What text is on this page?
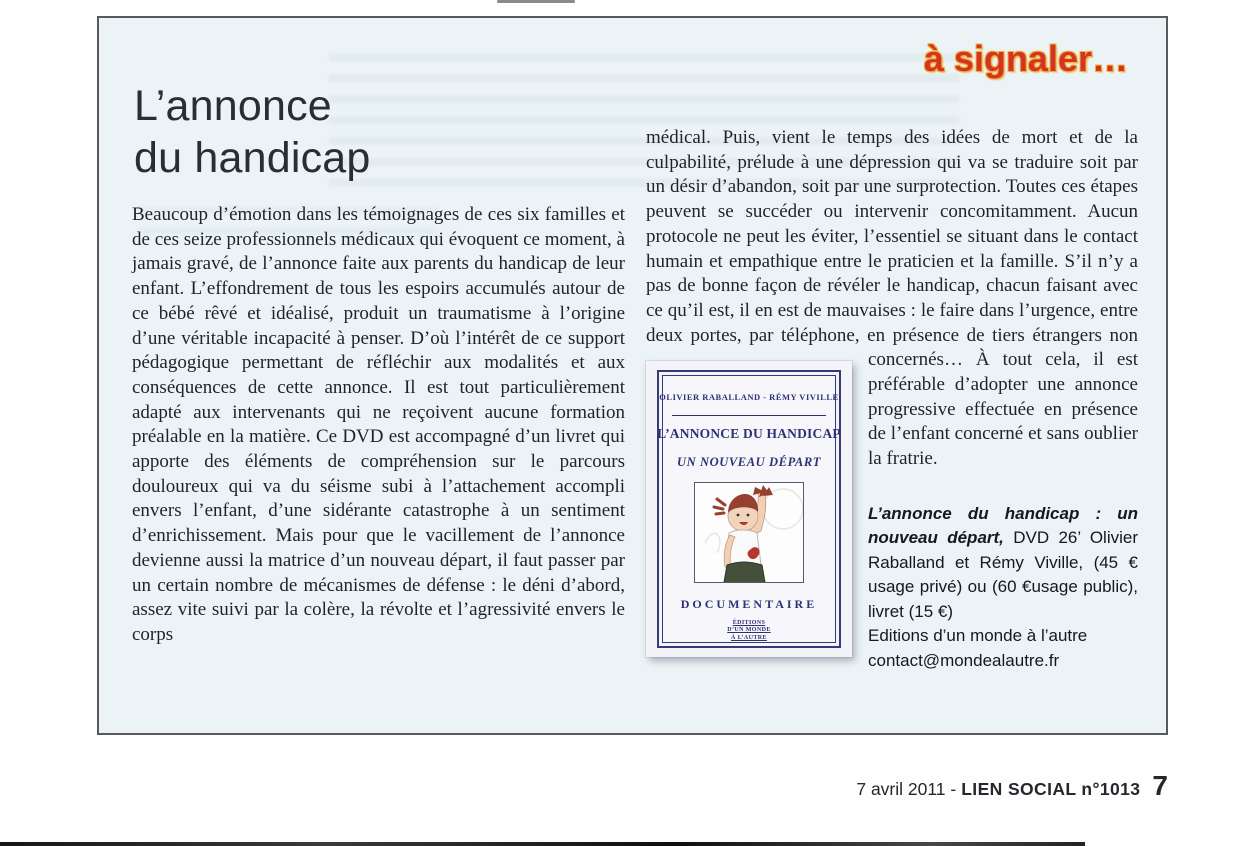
à signaler…
L’annonce
du handicap
Beaucoup d’émotion dans les témoignages de ces six familles et de ces seize professionnels médicaux qui évoquent ce moment, à jamais gravé, de l’annonce faite aux parents du handicap de leur enfant. L’effondrement de tous les espoirs accumulés autour de ce bébé rêvé et idéalisé, produit un traumatisme à l’origine d’une véritable incapacité à penser. D’où l’intérêt de ce support pédagogique permettant de réfléchir aux modalités et aux conséquences de cette annonce. Il est tout particulièrement adapté aux intervenants qui ne reçoivent aucune formation préalable en la matière. Ce DVD est accompagné d’un livret qui apporte des éléments de compréhension sur le parcours douloureux qui va du séisme subi à l’attachement accompli envers l’enfant, d’une sidérante catastrophe à un sentiment d’enrichissement. Mais pour que le vacillement de l’annonce devienne aussi la matrice d’un nouveau départ, il faut passer par un certain nombre de mécanismes de défense : le déni d’abord, assez vite suivi par la colère, la révolte et l’agressivité envers le corps
médical. Puis, vient le temps des idées de mort et de la culpabilité, prélude à une dépression qui va se traduire soit par un désir d’abandon, soit par une surprotection. Toutes ces étapes peuvent se succéder ou intervenir concomitamment. Aucun protocole ne peut les éviter, l’essentiel se situant dans le contact humain et empathique entre le praticien et la famille. S’il n’y a pas de bonne façon de révéler le handicap, chacun faisant avec ce qu’il est, il en est de mauvaises : le faire dans l’urgence, entre deux portes, par téléphone, en présence de tiers étrangers non concernés… À tout
OLIVIER RABALLAND - RÉMY VIVILLE
L’ANNONCE DU HANDICAP
UN NOUVEAU DÉPART
DOCUMENTAIRE
ÉDITIONS
D’UN MONDE
À L’AUTRE
cela, il est préférable d’adopter une annonce progressive effectuée en présence de l’enfant concerné et sans oublier la fratrie.
L’annonce du handicap : un nouveau départ, DVD 26’ Olivier Raballand et Rémy Viville, (45 € usage privé) ou (60 €usage public), livret (15 €)
Editions d’un monde à l’autre
contact@mondealautre.fr
7 avril 2011 - LIEN SOCIAL n°1013 7
